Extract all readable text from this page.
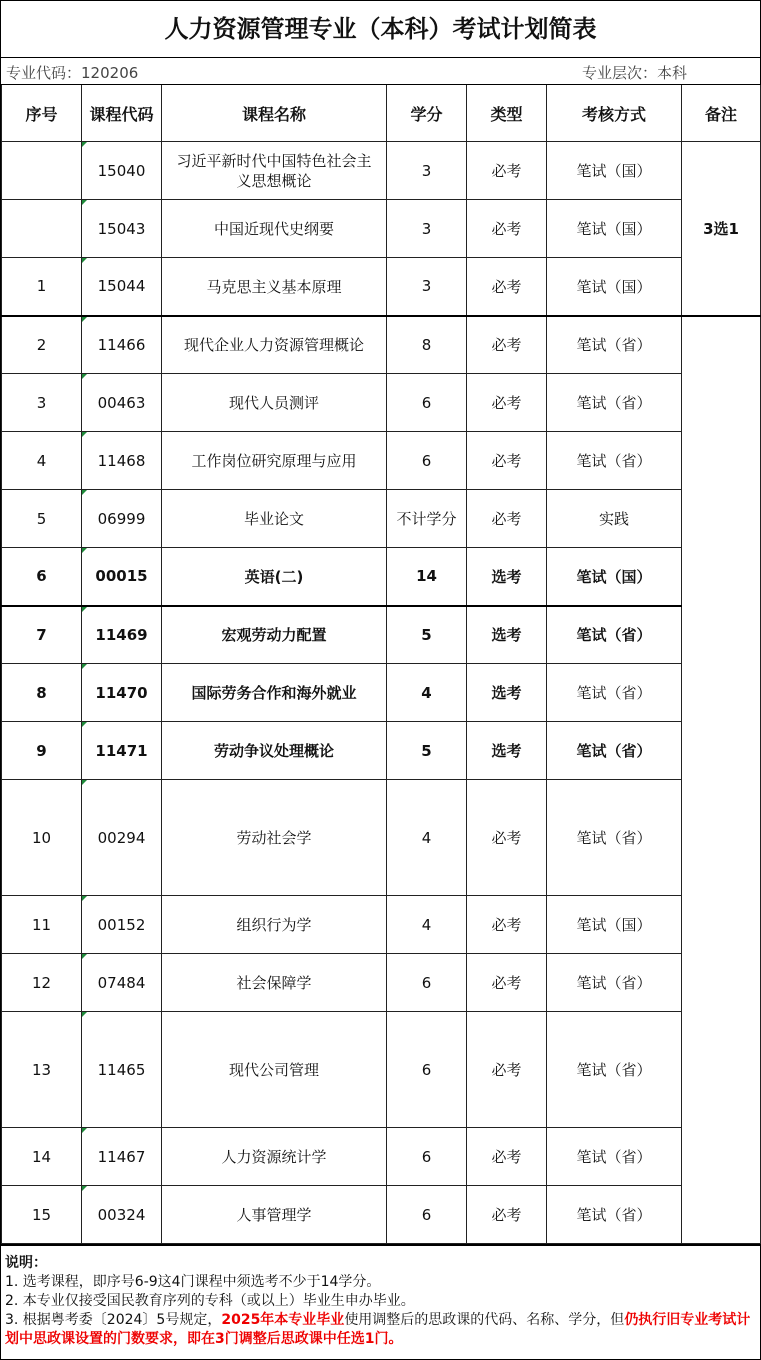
人力资源管理专业（本科）考试计划简表
专业代码：120206	专业层次：本科
序号	课程代码	课程名称	学分	类型	考核方式	备注
	15040	习近平新时代中国特色社会主义思想概论	3	必考	笔试（国）	3选1
	15043	中国近现代史纲要	3	必考	笔试（国）	
1	15044	马克思主义基本原理	3	必考	笔试（国）	
2	11466	现代企业人力资源管理概论	8	必考	笔试（省）	
3	00463	现代人员测评	6	必考	笔试（省）	
4	11468	工作岗位研究原理与应用	6	必考	笔试（省）	
5	06999	毕业论文	不计学分	必考	实践	
6	00015	英语(二)	14	选考	笔试（国）	
7	11469	宏观劳动力配置	5	选考	笔试（省）	
8	11470	国际劳务合作和海外就业	4	选考	笔试（省）	
9	11471	劳动争议处理概论	5	选考	笔试（省）	
10	00294	劳动社会学	4	必考	笔试（省）	
11	00152	组织行为学	4	必考	笔试（国）	
12	07484	社会保障学	6	必考	笔试（省）	
13	11465	现代公司管理	6	必考	笔试（省）	
14	11467	人力资源统计学	6	必考	笔试（省）	
15	00324	人事管理学	6	必考	笔试（省）	
说明：
1. 选考课程，即序号6-9这4门课程中须选考不少于14学分。
2. 本专业仅接受国民教育序列的专科（或以上）毕业生申办毕业。
3. 根据粤考委〔2024〕5号规定，2025年本专业毕业使用调整后的思政课的代码、名称、学分，但仍执行旧专业考试计划中思政课设置的门数要求，即在3门调整后思政课中任选1门。
